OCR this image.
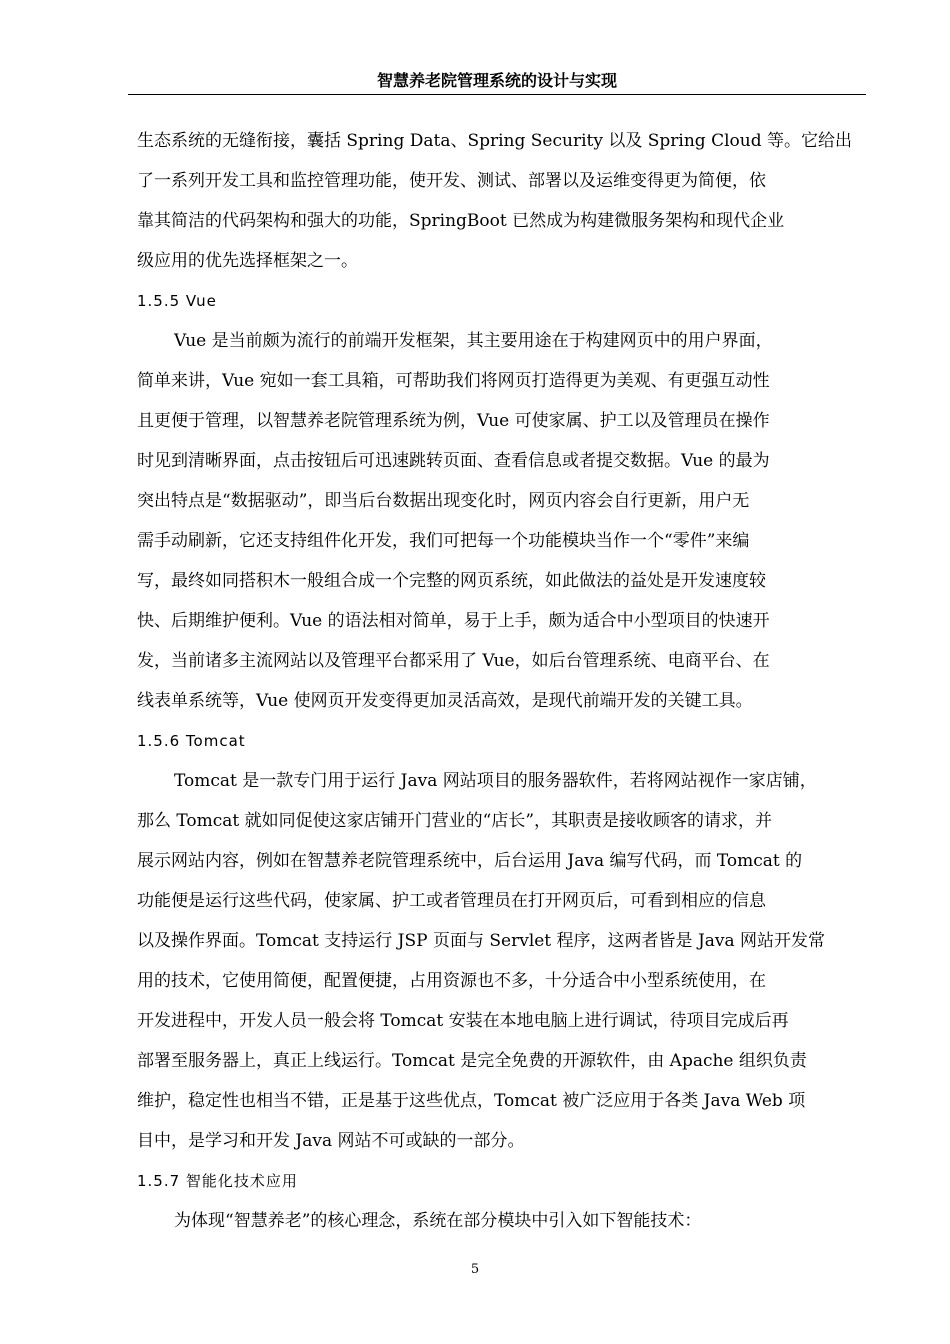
智慧养老院管理系统的设计与实现
生态系统的无缝衔接，囊括 Spring Data、Spring Security 以及 Spring Cloud 等。它给出
了一系列开发工具和监控管理功能，使开发、测试、部署以及运维变得更为简便，依
靠其简洁的代码架构和强大的功能，SpringBoot 已然成为构建微服务架构和现代企业
级应用的优先选择框架之一。
1.5.5 Vue
Vue 是当前颇为流行的前端开发框架，其主要用途在于构建网页中的用户界面，
简单来讲，Vue 宛如一套工具箱，可帮助我们将网页打造得更为美观、有更强互动性
且更便于管理，以智慧养老院管理系统为例，Vue 可使家属、护工以及管理员在操作
时见到清晰界面，点击按钮后可迅速跳转页面、查看信息或者提交数据。Vue 的最为
突出特点是“数据驱动”，即当后台数据出现变化时，网页内容会自行更新，用户无
需手动刷新，它还支持组件化开发，我们可把每一个功能模块当作一个“零件”来编
写，最终如同搭积木一般组合成一个完整的网页系统，如此做法的益处是开发速度较
快、后期维护便利。Vue 的语法相对简单，易于上手，颇为适合中小型项目的快速开
发，当前诸多主流网站以及管理平台都采用了 Vue，如后台管理系统、电商平台、在
线表单系统等，Vue 使网页开发变得更加灵活高效，是现代前端开发的关键工具。
1.5.6 Tomcat
Tomcat 是一款专门用于运行 Java 网站项目的服务器软件，若将网站视作一家店铺，
那么 Tomcat 就如同促使这家店铺开门营业的“店长”，其职责是接收顾客的请求，并
展示网站内容，例如在智慧养老院管理系统中，后台运用 Java 编写代码，而 Tomcat 的
功能便是运行这些代码，使家属、护工或者管理员在打开网页后，可看到相应的信息
以及操作界面。Tomcat 支持运行 JSP 页面与 Servlet 程序，这两者皆是 Java 网站开发常
用的技术，它使用简便，配置便捷，占用资源也不多，十分适合中小型系统使用，在
开发进程中，开发人员一般会将 Tomcat 安装在本地电脑上进行调试，待项目完成后再
部署至服务器上，真正上线运行。Tomcat 是完全免费的开源软件，由 Apache 组织负责
维护，稳定性也相当不错，正是基于这些优点，Tomcat 被广泛应用于各类 Java Web 项
目中，是学习和开发 Java 网站不可或缺的一部分。
1.5.7 智能化技术应用
为体现“智慧养老”的核心理念，系统在部分模块中引入如下智能技术：
5
